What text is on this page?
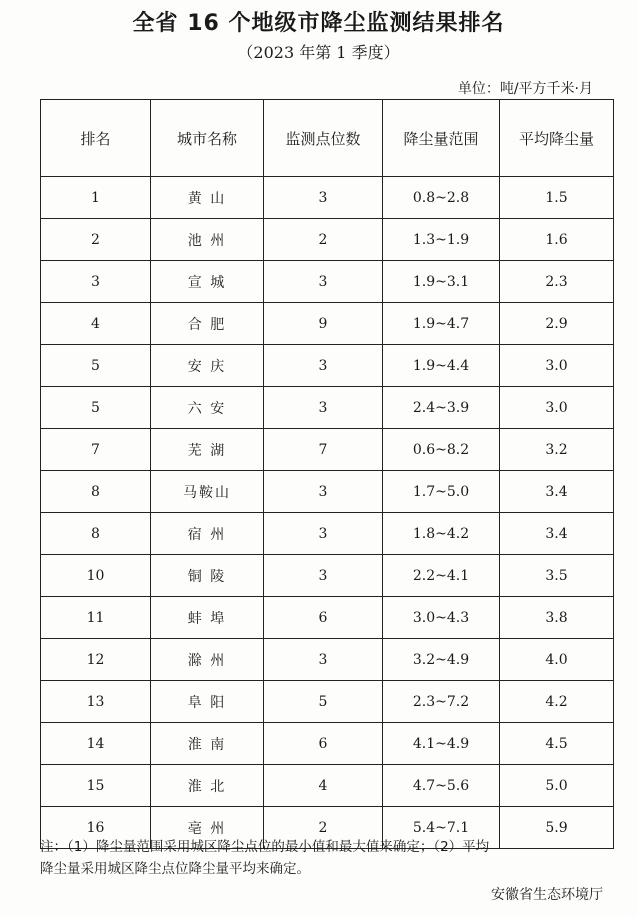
全省 16 个地级市降尘监测结果排名
（2023 年第 1 季度）
单位：吨/平方千米·月
排名	城市名称	监测点位数	降尘量范围	平均降尘量
1	黄 山	3	0.8~2.8	1.5
2	池 州	2	1.3~1.9	1.6
3	宣 城	3	1.9~3.1	2.3
4	合 肥	9	1.9~4.7	2.9
5	安 庆	3	1.9~4.4	3.0
5	六 安	3	2.4~3.9	3.0
7	芜 湖	7	0.6~8.2	3.2
8	马鞍山	3	1.7~5.0	3.4
8	宿 州	3	1.8~4.2	3.4
10	铜 陵	3	2.2~4.1	3.5
11	蚌 埠	6	3.0~4.3	3.8
12	滁 州	3	3.2~4.9	4.0
13	阜 阳	5	2.3~7.2	4.2
14	淮 南	6	4.1~4.9	4.5
15	淮 北	4	4.7~5.6	5.0
16	亳 州	2	5.4~7.1	5.9
注：（1）降尘量范围采用城区降尘点位的最小值和最大值来确定；（2）平均
降尘量采用城区降尘点位降尘量平均来确定。
安徽省生态环境厅
